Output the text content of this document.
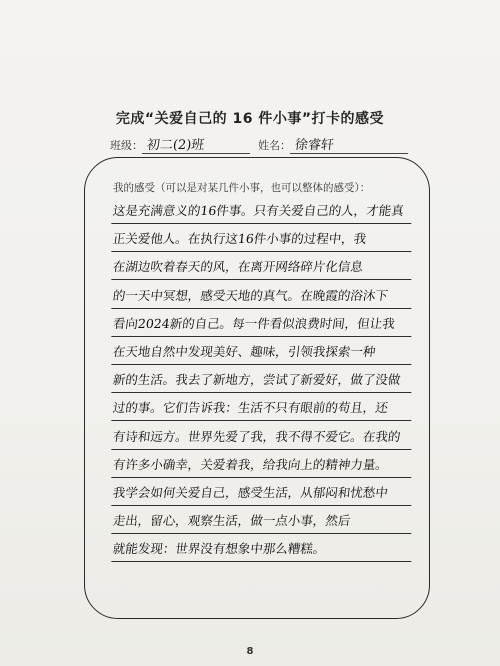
完成“关爱自己的 16 件小事”打卡的感受
班级： 初二(2)班	姓名： 徐睿轩
我的感受（可以是对某几件小事，也可以整体的感受）：
这是充满意义的16件事。只有关爱自己的人，才能真
正关爱他人。在执行这16件小事的过程中，我
在湖边吹着春天的风，在离开网络碎片化信息
的一天中冥想，感受天地的真气。在晚霞的浴沐下
看向2024新的自己。每一件看似浪费时间，但让我
在天地自然中发现美好、趣味，引领我探索一种
新的生活。我去了新地方，尝试了新爱好，做了没做
过的事。它们告诉我：生活不只有眼前的苟且，还
有诗和远方。世界先爱了我，我不得不爱它。在我的
有许多小确幸，关爱着我，给我向上的精神力量。
我学会如何关爱自己，感受生活，从郁闷和忧愁中
走出，留心，观察生活，做一点小事，然后
就能发现：世界没有想象中那么糟糕。
8
